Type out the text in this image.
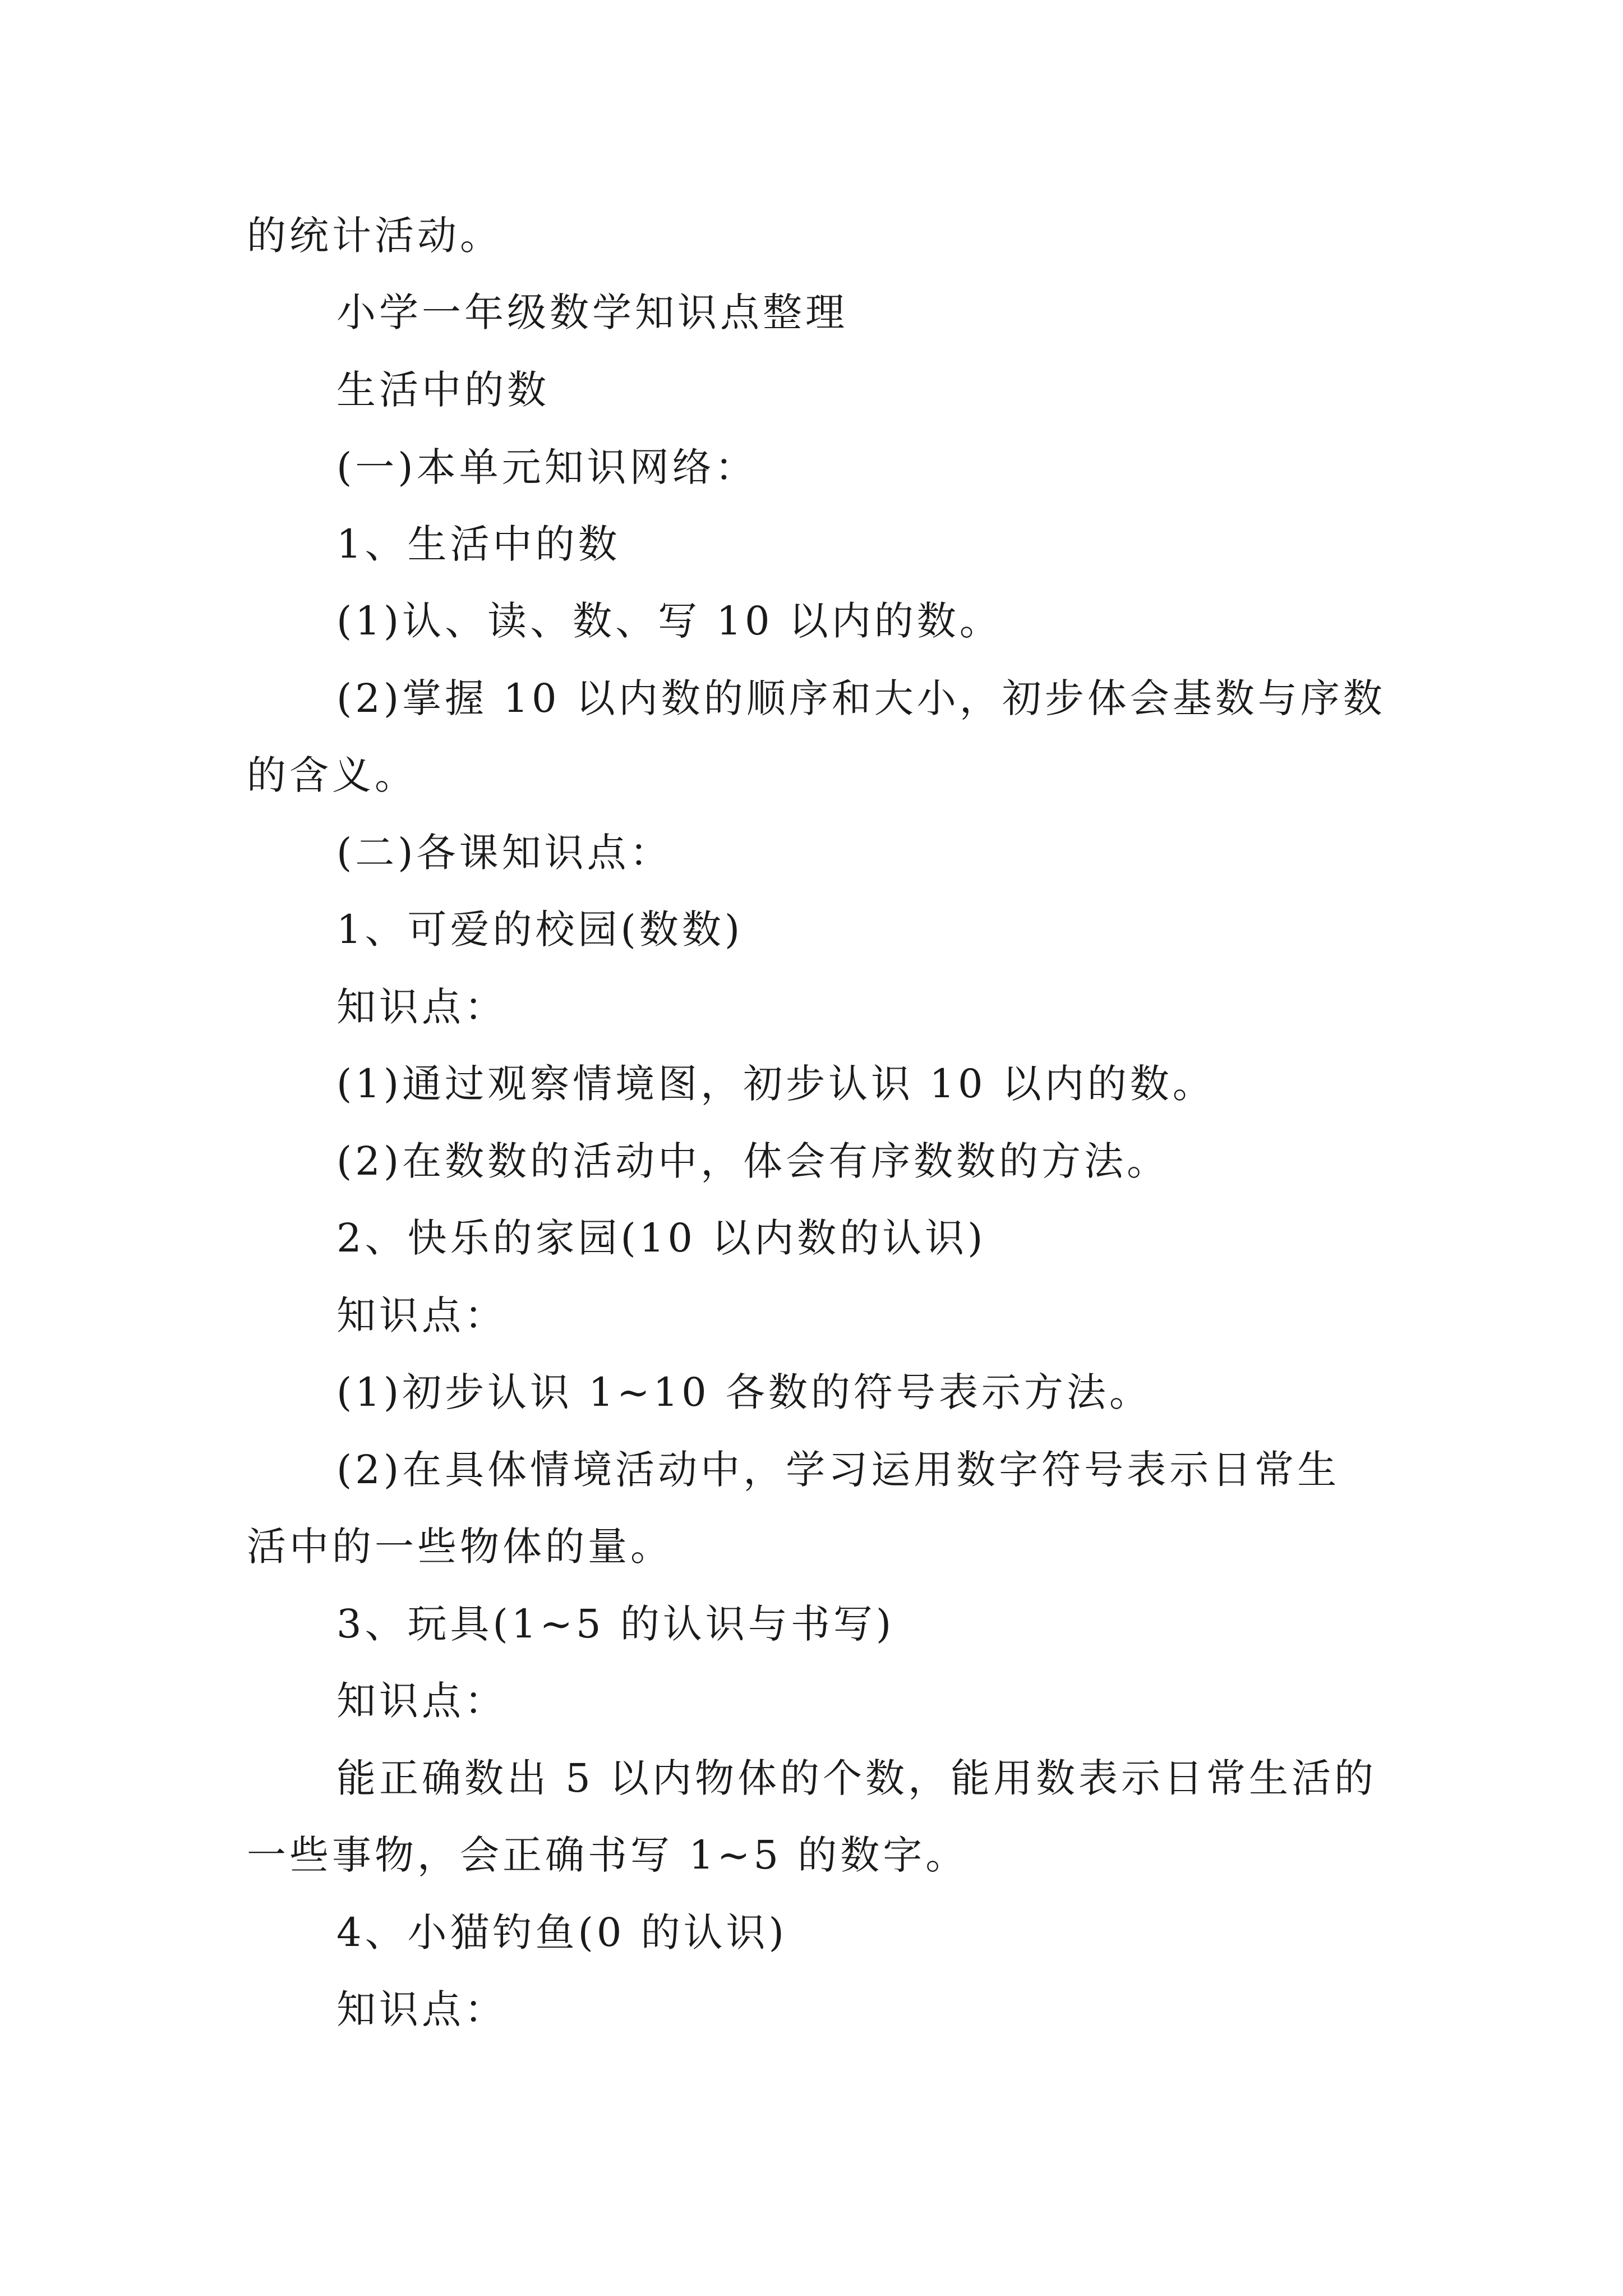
的统计活动。
小学一年级数学知识点整理
生活中的数
(一)本单元知识网络：
1、生活中的数
(1)认、读、数、写 10 以内的数。
(2)掌握 10 以内数的顺序和大小，初步体会基数与序数
的含义。
(二)各课知识点：
1、可爱的校园(数数)
知识点：
(1)通过观察情境图，初步认识 10 以内的数。
(2)在数数的活动中，体会有序数数的方法。
2、快乐的家园(10 以内数的认识)
知识点：
(1)初步认识 1~10 各数的符号表示方法。
(2)在具体情境活动中，学习运用数字符号表示日常生
活中的一些物体的量。
3、玩具(1~5 的认识与书写)
知识点：
能正确数出 5 以内物体的个数，能用数表示日常生活的
一些事物，会正确书写 1~5 的数字。
4、小猫钓鱼(0 的认识)
知识点：
